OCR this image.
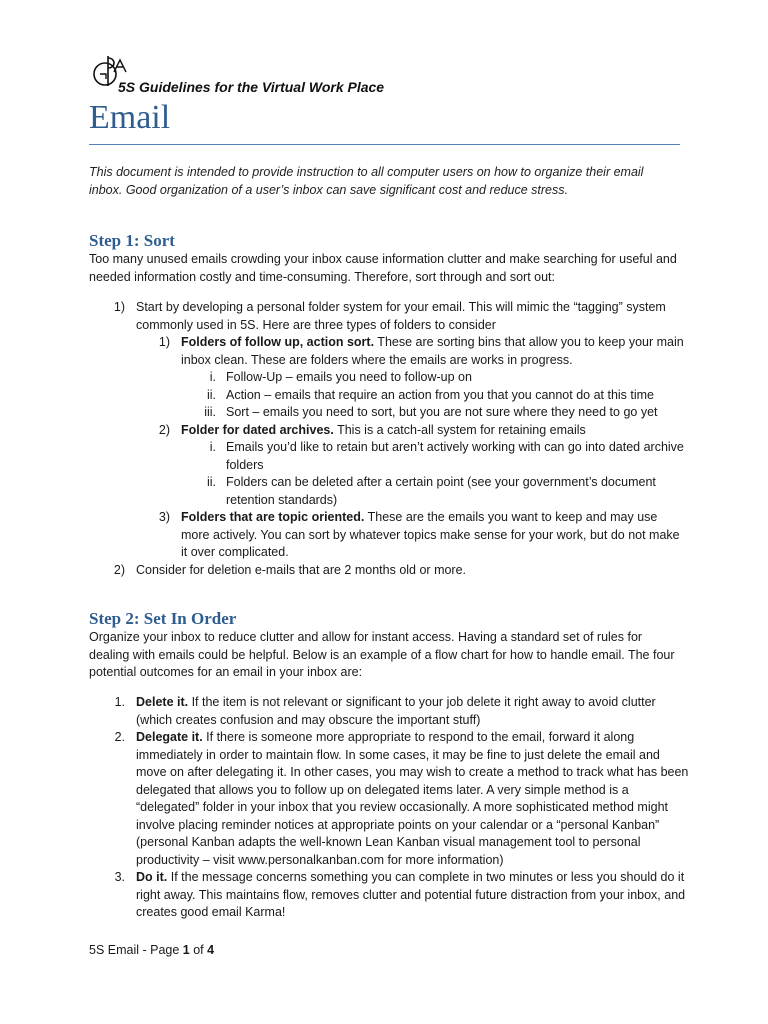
5S Guidelines for the Virtual Work Place
Email
This document is intended to provide instruction to all computer users on how to organize their email inbox. Good organization of a user’s inbox can save significant cost and reduce stress.
Step 1: Sort
Too many unused emails crowding your inbox cause information clutter and make searching for useful and needed information costly and time-consuming. Therefore, sort through and sort out:
1) Start by developing a personal folder system for your email. This will mimic the “tagging” system commonly used in 5S. Here are three types of folders to consider
1) Folders of follow up, action sort. These are sorting bins that allow you to keep your main inbox clean. These are folders where the emails are works in progress.
i. Follow-Up – emails you need to follow-up on
ii. Action – emails that require an action from you that you cannot do at this time
iii. Sort – emails you need to sort, but you are not sure where they need to go yet
2) Folder for dated archives. This is a catch-all system for retaining emails
i. Emails you’d like to retain but aren’t actively working with can go into dated archive folders
ii. Folders can be deleted after a certain point (see your government’s document retention standards)
3) Folders that are topic oriented. These are the emails you want to keep and may use more actively. You can sort by whatever topics make sense for your work, but do not make it over complicated.
2) Consider for deletion e-mails that are 2 months old or more.
Step 2: Set In Order
Organize your inbox to reduce clutter and allow for instant access. Having a standard set of rules for dealing with emails could be helpful. Below is an example of a flow chart for how to handle email. The four potential outcomes for an email in your inbox are:
1. Delete it. If the item is not relevant or significant to your job delete it right away to avoid clutter (which creates confusion and may obscure the important stuff)
2. Delegate it. If there is someone more appropriate to respond to the email, forward it along immediately in order to maintain flow. In some cases, it may be fine to just delete the email and move on after delegating it. In other cases, you may wish to create a method to track what has been delegated that allows you to follow up on delegated items later. A very simple method is a “delegated” folder in your inbox that you review occasionally. A more sophisticated method might involve placing reminder notices at appropriate points on your calendar or a “personal Kanban” (personal Kanban adapts the well-known Lean Kanban visual management tool to personal productivity – visit www.personalkanban.com for more information)
3. Do it. If the message concerns something you can complete in two minutes or less you should do it right away. This maintains flow, removes clutter and potential future distraction from your inbox, and creates good email Karma!
5S Email - Page 1 of 4
